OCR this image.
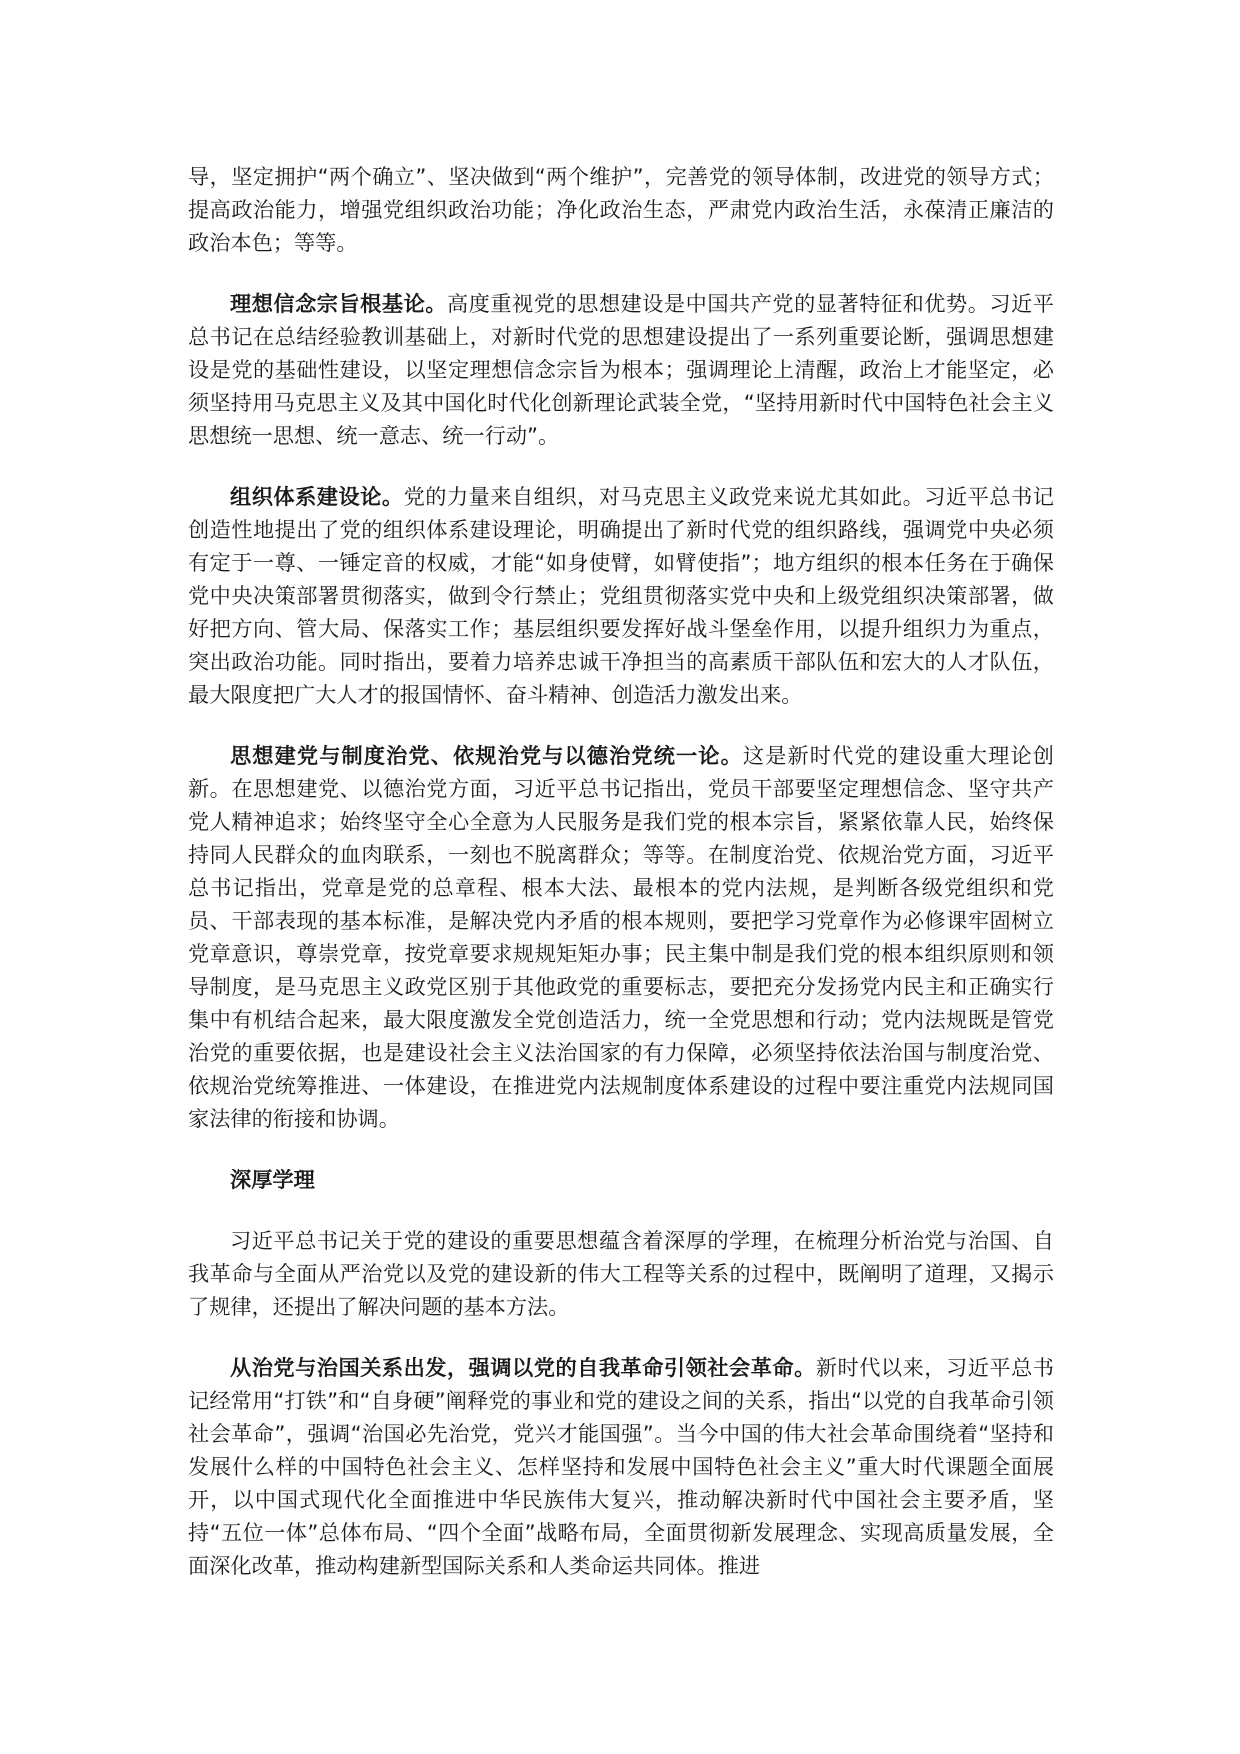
导，坚定拥护“两个确立”、坚决做到“两个维护”，完善党的领导体制，改进党的领导方式；提高政治能力，增强党组织政治功能；净化政治生态，严肃党内政治生活，永葆清正廉洁的政治本色；等等。

理想信念宗旨根基论。高度重视党的思想建设是中国共产党的显著特征和优势。习近平总书记在总结经验教训基础上，对新时代党的思想建设提出了一系列重要论断，强调思想建设是党的基础性建设，以坚定理想信念宗旨为根本；强调理论上清醒，政治上才能坚定，必须坚持用马克思主义及其中国化时代化创新理论武装全党，“坚持用新时代中国特色社会主义思想统一思想、统一意志、统一行动”。

组织体系建设论。党的力量来自组织，对马克思主义政党来说尤其如此。习近平总书记创造性地提出了党的组织体系建设理论，明确提出了新时代党的组织路线，强调党中央必须有定于一尊、一锤定音的权威，才能“如身使臂，如臂使指”；地方组织的根本任务在于确保党中央决策部署贯彻落实，做到令行禁止；党组贯彻落实党中央和上级党组织决策部署，做好把方向、管大局、保落实工作；基层组织要发挥好战斗堡垒作用，以提升组织力为重点，突出政治功能。同时指出，要着力培养忠诚干净担当的高素质干部队伍和宏大的人才队伍，最大限度把广大人才的报国情怀、奋斗精神、创造活力激发出来。

思想建党与制度治党、依规治党与以德治党统一论。这是新时代党的建设重大理论创新。在思想建党、以德治党方面，习近平总书记指出，党员干部要坚定理想信念、坚守共产党人精神追求；始终坚守全心全意为人民服务是我们党的根本宗旨，紧紧依靠人民，始终保持同人民群众的血肉联系，一刻也不脱离群众；等等。在制度治党、依规治党方面，习近平总书记指出，党章是党的总章程、根本大法、最根本的党内法规，是判断各级党组织和党员、干部表现的基本标准，是解决党内矛盾的根本规则，要把学习党章作为必修课牢固树立党章意识，尊崇党章，按党章要求规规矩矩办事；民主集中制是我们党的根本组织原则和领导制度，是马克思主义政党区别于其他政党的重要标志，要把充分发扬党内民主和正确实行集中有机结合起来，最大限度激发全党创造活力，统一全党思想和行动；党内法规既是管党治党的重要依据，也是建设社会主义法治国家的有力保障，必须坚持依法治国与制度治党、依规治党统筹推进、一体建设，在推进党内法规制度体系建设的过程中要注重党内法规同国家法律的衔接和协调。

深厚学理

习近平总书记关于党的建设的重要思想蕴含着深厚的学理，在梳理分析治党与治国、自我革命与全面从严治党以及党的建设新的伟大工程等关系的过程中，既阐明了道理，又揭示了规律，还提出了解决问题的基本方法。

从治党与治国关系出发，强调以党的自我革命引领社会革命。新时代以来，习近平总书记经常用“打铁”和“自身硬”阐释党的事业和党的建设之间的关系，指出“以党的自我革命引领社会革命”，强调“治国必先治党，党兴才能国强”。当今中国的伟大社会革命围绕着“坚持和发展什么样的中国特色社会主义、怎样坚持和发展中国特色社会主义”重大时代课题全面展开，以中国式现代化全面推进中华民族伟大复兴，推动解决新时代中国社会主要矛盾，坚持“五位一体”总体布局、“四个全面”战略布局，全面贯彻新发展理念、实现高质量发展，全面深化改革，推动构建新型国际关系和人类命运共同体。推进
